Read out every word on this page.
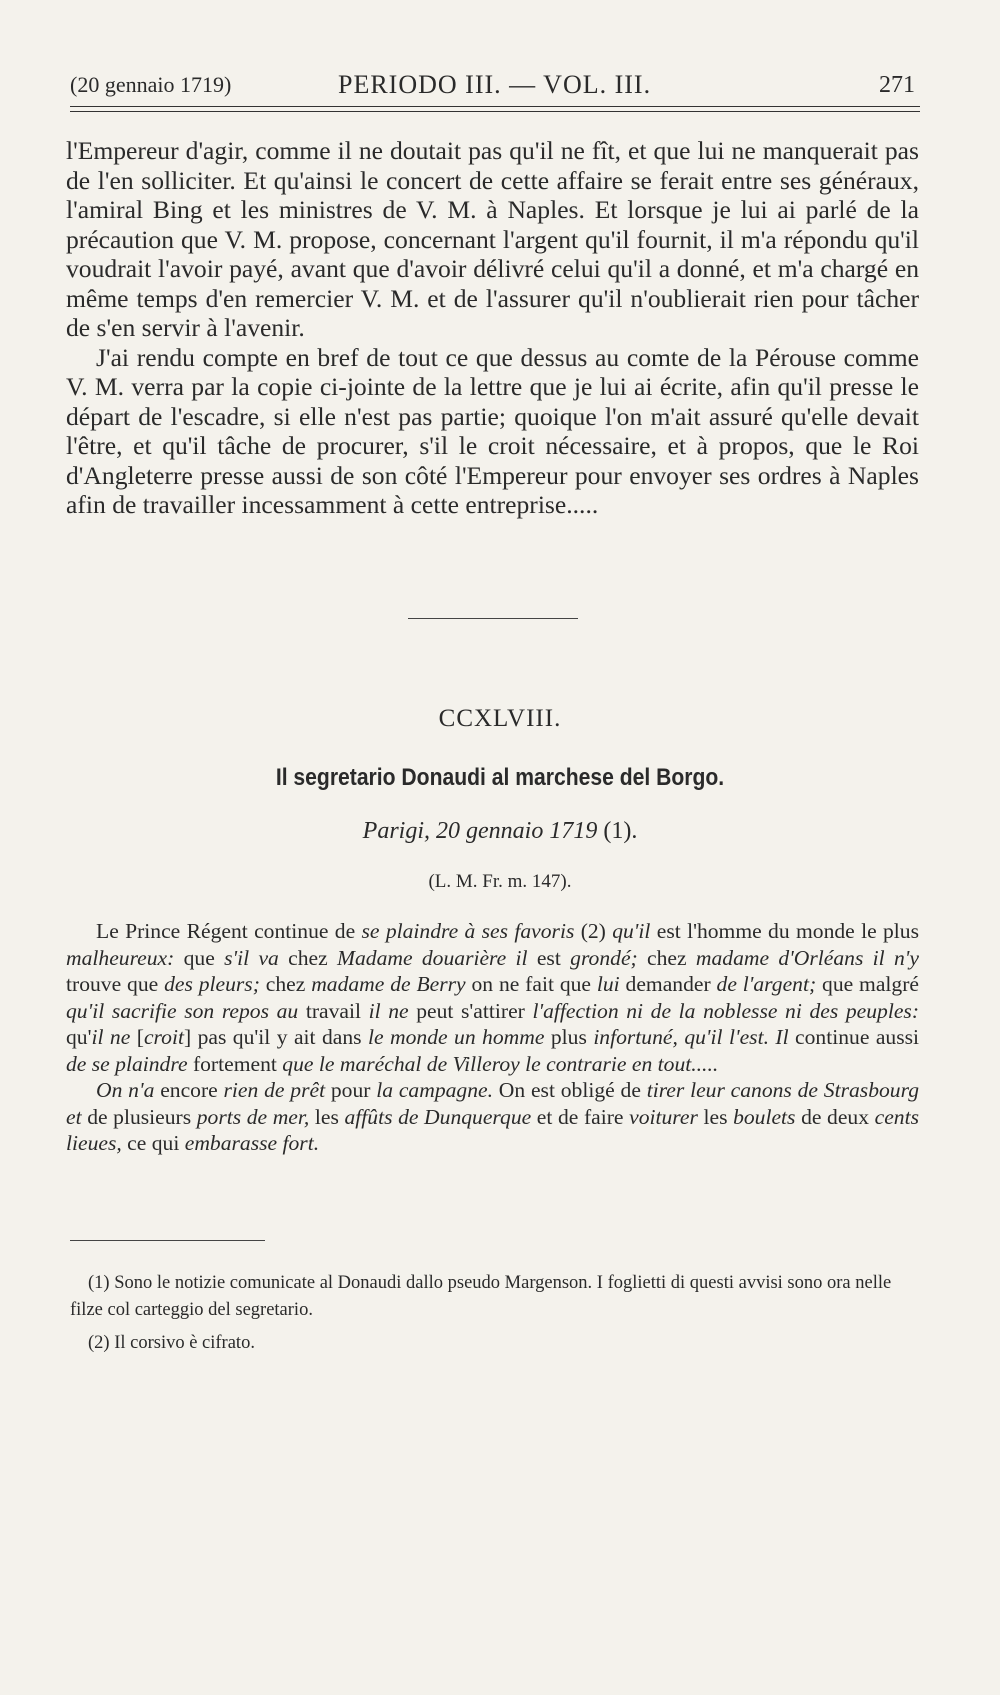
(20 gennaio 1719)	PERIODO III. — VOL. III.	271

l'Empereur d'agir, comme il ne doutait pas qu'il ne fît, et que lui ne manquerait pas de l'en solliciter. Et qu'ainsi le concert de cette affaire se ferait entre ses généraux, l'amiral Bing et les ministres de V. M. à Naples. Et lorsque je lui ai parlé de la précaution que V. M. propose, concernant l'argent qu'il fournit, il m'a répondu qu'il voudrait l'avoir payé, avant que d'avoir délivré celui qu'il a donné, et m'a chargé en même temps d'en remercier V. M. et de l'assurer qu'il n'oublierait rien pour tâcher de s'en servir à l'avenir.

J'ai rendu compte en bref de tout ce que dessus au comte de la Pérouse comme V. M. verra par la copie ci-jointe de la lettre que je lui ai écrite, afin qu'il presse le départ de l'escadre, si elle n'est pas partie; quoique l'on m'ait assuré qu'elle devait l'être, et qu'il tâche de procurer, s'il le croit nécessaire, et à propos, que le Roi d'Angleterre presse aussi de son côté l'Empereur pour envoyer ses ordres à Naples afin de travailler incessamment à cette entreprise.....

CCXLVIII.
Il segretario Donaudi al marchese del Borgo.
Parigi, 20 gennaio 1719 (1).
(L. M. Fr. m. 147).

Le Prince Régent continue de se plaindre à ses favoris (2) qu'il est l'homme du monde le plus malheureux: que s'il va chez Madame douarière il est grondé; chez madame d'Orléans il n'y trouve que des pleurs; chez madame de Berry on ne fait que lui demander de l'argent; que malgré qu'il sacrifie son repos au travail il ne peut s'attirer l'affection ni de la noblesse ni des peuples: qu'il ne [croit] pas qu'il y ait dans le monde un homme plus infortuné, qu'il l'est. Il continue aussi de se plaindre fortement que le maréchal de Villeroy le contrarie en tout.....

On n'a encore rien de prêt pour la campagne. On est obligé de tirer leur canons de Strasbourg et de plusieurs ports de mer, les affûts de Dunquerque et de faire voiturer les boulets de deux cents lieues, ce qui embarasse fort.

(1) Sono le notizie comunicate al Donaudi dallo pseudo Margenson. I foglietti di questi avvisi sono ora nelle filze col carteggio del segretario.

(2) Il corsivo è cifrato.
